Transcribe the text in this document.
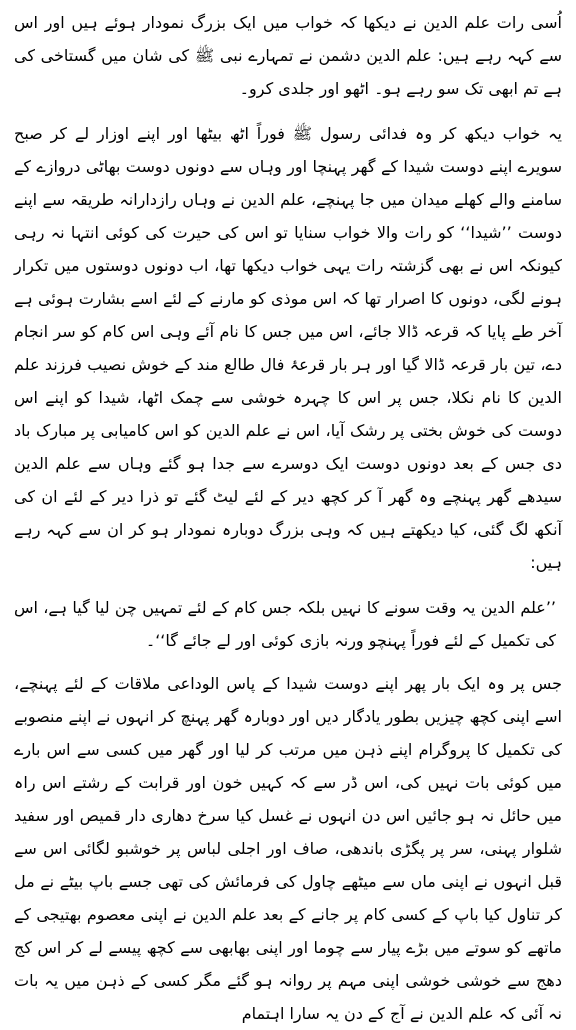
اُسی رات علم الدین نے دیکھا کہ خواب میں ایک بزرگ نمودار ہوئے ہیں اور اس سے کہہ رہے ہیں: علم الدین دشمن نے تمہارے نبی ﷺ کی شان میں گستاخی کی ہے تم ابھی تک سو رہے ہو۔ اٹھو اور جلدی کرو۔

یہ خواب دیکھ کر وہ فدائی رسول ﷺ فوراً اٹھ بیٹھا اور اپنے اوزار لے کر صبح سویرے اپنے دوست شیدا کے گھر پہنچا اور وہاں سے دونوں دوست بھاٹی دروازے کے سامنے والے کھلے میدان میں جا پہنچے، علم الدین نے وہاں رازدارانہ طریقہ سے اپنے دوست ’’شیدا‘‘ کو رات والا خواب سنایا تو اس کی حیرت کی کوئی انتہا نہ رہی کیونکہ اس نے بھی گزشتہ رات یہی خواب دیکھا تھا، اب دونوں دوستوں میں تکرار ہونے لگی، دونوں کا اصرار تھا کہ اس موذی کو مارنے کے لئے اسے بشارت ہوئی ہے آخر طے پایا کہ قرعہ ڈالا جائے، اس میں جس کا نام آئے وہی اس کام کو سر انجام دے، تین بار قرعہ ڈالا گیا اور ہر بار قرعۂ فال طالع مند کے خوش نصیب فرزند علم الدین کا نام نکلا، جس پر اس کا چہرہ خوشی سے چمک اٹھا، شیدا کو اپنے اس دوست کی خوش بختی پر رشک آیا، اس نے علم الدین کو اس کامیابی پر مبارک باد دی جس کے بعد دونوں دوست ایک دوسرے سے جدا ہو گئے وہاں سے علم الدین سیدھے گھر پہنچے وہ گھر آ کر کچھ دیر کے لئے لیٹ گئے تو ذرا دیر کے لئے ان کی آنکھ لگ گئی، کیا دیکھتے ہیں کہ وہی بزرگ دوبارہ نمودار ہو کر ان سے کہہ رہے ہیں:

’’علم الدین یہ وقت سونے کا نہیں بلکہ جس کام کے لئے تمہیں چن لیا گیا ہے، اس کی تکمیل کے لئے فوراً پہنچو ورنہ بازی کوئی اور لے جائے گا‘‘۔

جس پر وہ ایک بار پھر اپنے دوست شیدا کے پاس الوداعی ملاقات کے لئے پہنچے، اسے اپنی کچھ چیزیں بطور یادگار دیں اور دوبارہ گھر پہنچ کر انہوں نے اپنے منصوبے کی تکمیل کا پروگرام اپنے ذہن میں مرتب کر لیا اور گھر میں کسی سے اس بارے میں کوئی بات نہیں کی، اس ڈر سے کہ کہیں خون اور قرابت کے رشتے اس راہ میں حائل نہ ہو جائیں اس دن انہوں نے غسل کیا سرخ دھاری دار قمیص اور سفید شلوار پہنی، سر پر پگڑی باندھی، صاف اور اجلی لباس پر خوشبو لگائی اس سے قبل انہوں نے اپنی ماں سے میٹھے چاول کی فرمائش کی تھی جسے باپ بیٹے نے مل کر تناول کیا باپ کے کسی کام پر جانے کے بعد علم الدین نے اپنی معصوم بھتیجی کے ماتھے کو سوتے میں بڑے پیار سے چوما اور اپنی بھابھی سے کچھ پیسے لے کر اس کج دھج سے خوشی خوشی اپنی مہم پر روانہ ہو گئے مگر کسی کے ذہن میں یہ بات نہ آئی کہ علم الدین نے آج کے دن یہ سارا اہتمام
